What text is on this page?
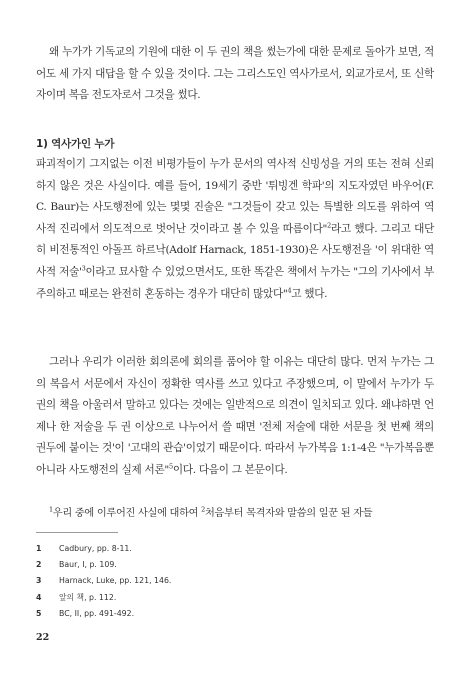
왜 누가가 기독교의 기원에 대한 이 두 권의 책을 썼는가에 대한 문제로 돌아가 보면, 적어도 세 가지 대답을 할 수 있을 것이다. 그는 그리스도인 역사가로서, 외교가로서, 또 신학자이며 복음 전도자로서 그것을 썼다.

1) 역사가인 누가

파괴적이기 그지없는 이전 비평가들이 누가 문서의 역사적 신빙성을 거의 또는 전혀 신뢰하지 않은 것은 사실이다. 예를 들어, 19세기 중반 '튀빙겐 학파'의 지도자였던 바우어(F. C. Baur)는 사도행전에 있는 몇몇 진술은 "그것들이 갖고 있는 특별한 의도를 위하여 역사적 진리에서 의도적으로 벗어난 것이라고 볼 수 있을 따름이다"$^2$라고 했다. 그리고 대단히 비전통적인 아돌프 하르낙(Adolf Harnack, 1851-1930)은 사도행전을 '이 위대한 역사적 저술'$^3$이라고 묘사할 수 있었으면서도, 또한 똑같은 책에서 누가는 "그의 기사에서 부주의하고 때로는 완전히 혼동하는 경우가 대단히 많았다"$^4$고 했다.

그러나 우리가 이러한 회의론에 회의를 품어야 할 이유는 대단히 많다. 먼저 누가는 그의 복음서 서문에서 자신이 정확한 역사를 쓰고 있다고 주장했으며, 이 말에서 누가가 두 권의 책을 아울러서 말하고 있다는 것에는 일반적으로 의견이 일치되고 있다. 왜냐하면 언제나 한 저술을 두 권 이상으로 나누어서 쓸 때면 '전체 저술에 대한 서문을 첫 번째 책의 권두에 붙이는 것'이 '고대의 관습'이었기 때문이다. 따라서 누가복음 1:1-4은 "누가복음뿐 아니라 사도행전의 실제 서론"$^5$이다. 다음이 그 본문이다.

$^1$우리 중에 이루어진 사실에 대하여 $^2$처음부터 목격자와 말씀의 일꾼 된 자들

1	Cadbury, pp. 8-11.
2	Baur, I, p. 109.
3	Harnack, Luke, pp. 121, 146.
4	앞의 책, p. 112.
5	BC, II, pp. 491-492.
22
